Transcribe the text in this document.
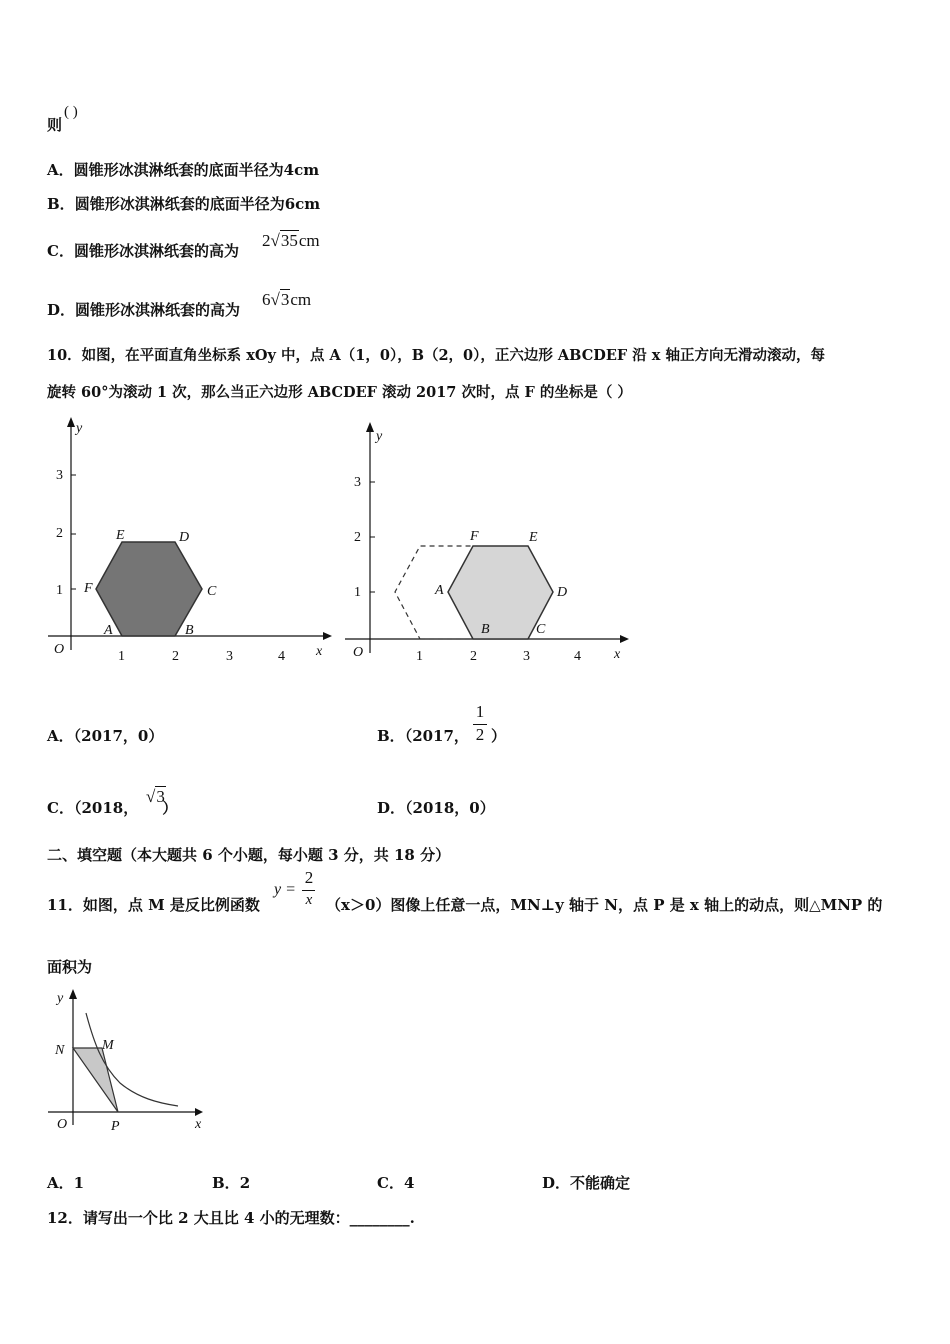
则
( )
A．圆锥形冰淇淋纸套的底面半径为4cm
B．圆锥形冰淇淋纸套的底面半径为6cm
C．圆锥形冰淇淋纸套的高为
2√35cm
D．圆锥形冰淇淋纸套的高为
6√3cm
10．如图，在平面直角坐标系 xOy 中，点 A（1，0），B（2，0），正六边形 ABCDEF 沿 x 轴正方向无滑动滚动，每
旋转 60°为滚动 1 次，那么当正六边形 ABCDEF 滚动 2017 次时，点 F 的坐标是（ ）
x
y
O	1	2	3	4
1
2
3
A	B
C
D
E
F
x
y
O	1	2	3	4
1
2
3
A
B	C
D
E
F
A．（2017，0）	B．（2017， ）
1
2
C．（2018， ）
√3
D．（2018，0）
二、填空题（本大题共 6 个小题，每小题 3 分，共 18 分）
11．如图，点 M 是反比例函数
y =
2
x （x＞0）图像上任意一点，MN⊥y 轴于 N，点 P 是 x 轴上的动点，则△MNP 的
面积为
x
y
O
N	M
P
A．1	B．2	C．4	D．不能确定
12．请写出一个比 2 大且比 4 小的无理数：________.
